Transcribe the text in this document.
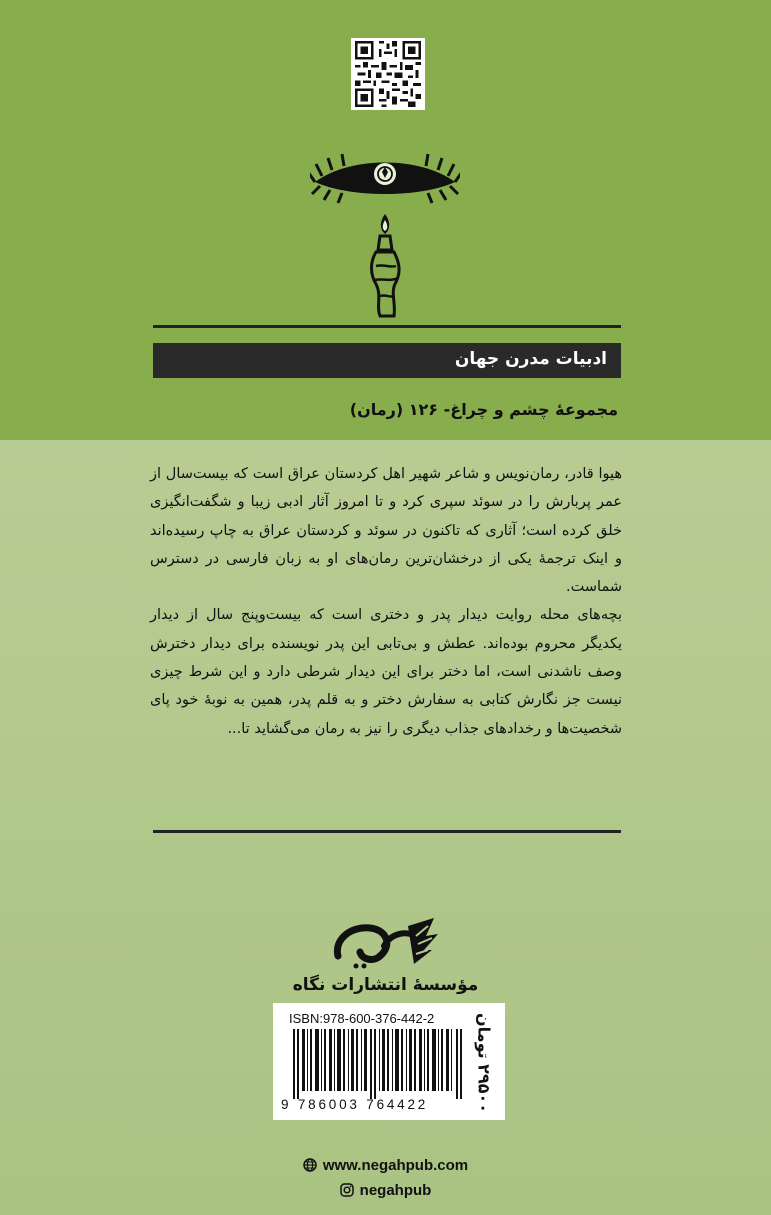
ادبیات مدرن جهان
مجموعهٔ چشم و چراغ- ۱۲۶ (رمان)

هیوا قادر، رمان‌نویس و شاعر شهیر اهل کردستان عراق است که بیست‌سال از عمر پربارش را در سوئد سپری کرد و تا امروز آثار ادبی زیبا و شگفت‌انگیزی خلق کرده است؛ آثاری که تاکنون در سوئد و کردستان عراق به چاپ رسیده‌اند و اینک ترجمهٔ یکی از درخشان‌ترین رمان‌های او به زبان فارسی در دسترس شماست.

بچه‌های محله روایت دیدار پدر و دختری است که بیست‌وپنج سال از دیدار یکدیگر محروم بوده‌اند. عطش و بی‌تابی این پدر نویسنده برای دیدار دخترش وصف ناشدنی است، اما دختر برای این دیدار شرطی دارد و این شرط چیزی نیست جز نگارش کتابی به سفارش دختر و به قلم پدر، همین به نوبهٔ خود پای شخصیت‌ها و رخدادهای جذاب دیگری را نیز به رمان می‌گشاید تا...

مؤسسهٔ انتشارات نگاه
ISBN:978-600-376-442-2
9 786003 764422
۲۹۵۰۰ تومان
www.negahpub.com
negahpub
